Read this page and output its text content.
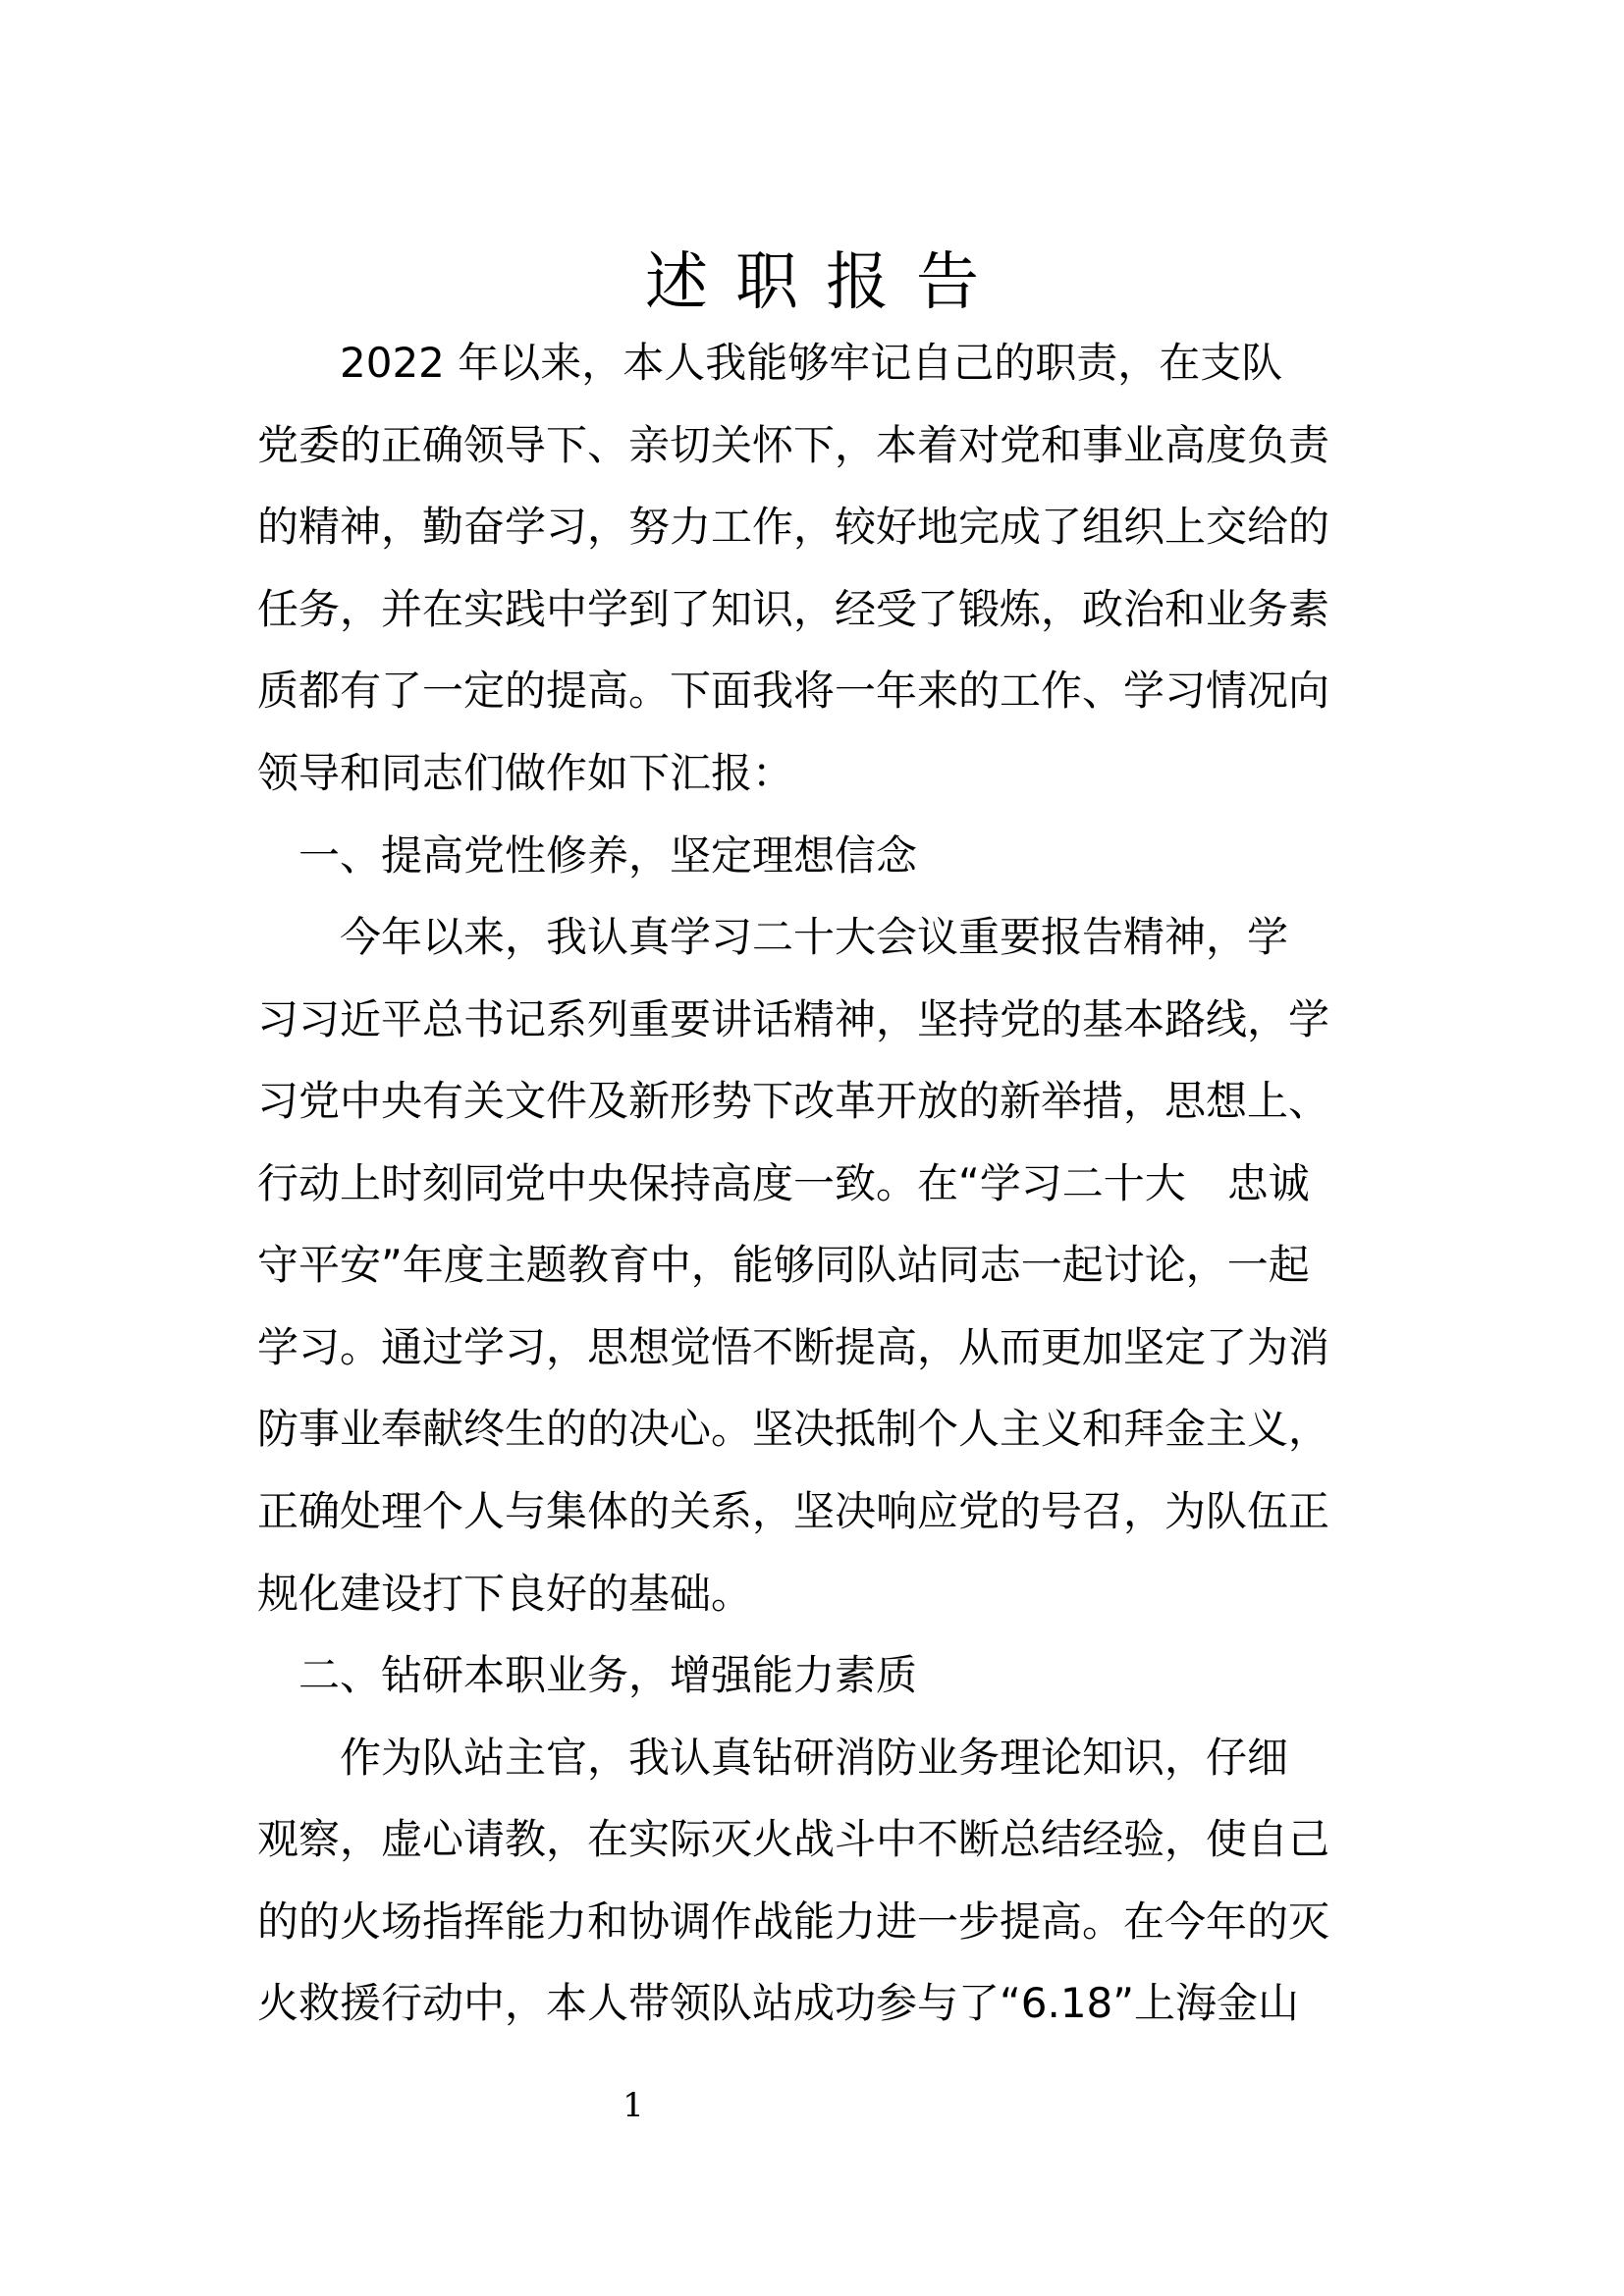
述职报告
　　2022 年以来，本人我能够牢记自己的职责，在支队
党委的正确领导下、亲切关怀下，本着对党和事业高度负责
的精神，勤奋学习，努力工作，较好地完成了组织上交给的
任务，并在实践中学到了知识，经受了锻炼，政治和业务素
质都有了一定的提高。下面我将一年来的工作、学习情况向
领导和同志们做作如下汇报：
　一、提高党性修养，坚定理想信念
　　今年以来，我认真学习二十大会议重要报告精神，学
习习近平总书记系列重要讲话精神，坚持党的基本路线，学
习党中央有关文件及新形势下改革开放的新举措，思想上、
行动上时刻同党中央保持高度一致。在“学习二十大　忠诚
守平安”年度主题教育中，能够同队站同志一起讨论，一起
学习。通过学习，思想觉悟不断提高，从而更加坚定了为消
防事业奉献终生的的决心。坚决抵制个人主义和拜金主义，
正确处理个人与集体的关系，坚决响应党的号召，为队伍正
规化建设打下良好的基础。
　二、钻研本职业务，增强能力素质
　　作为队站主官，我认真钻研消防业务理论知识，仔细
观察，虚心请教，在实际灭火战斗中不断总结经验，使自己
的的火场指挥能力和协调作战能力进一步提高。在今年的灭
火救援行动中，本人带领队站成功参与了“6.18”上海金山
1
